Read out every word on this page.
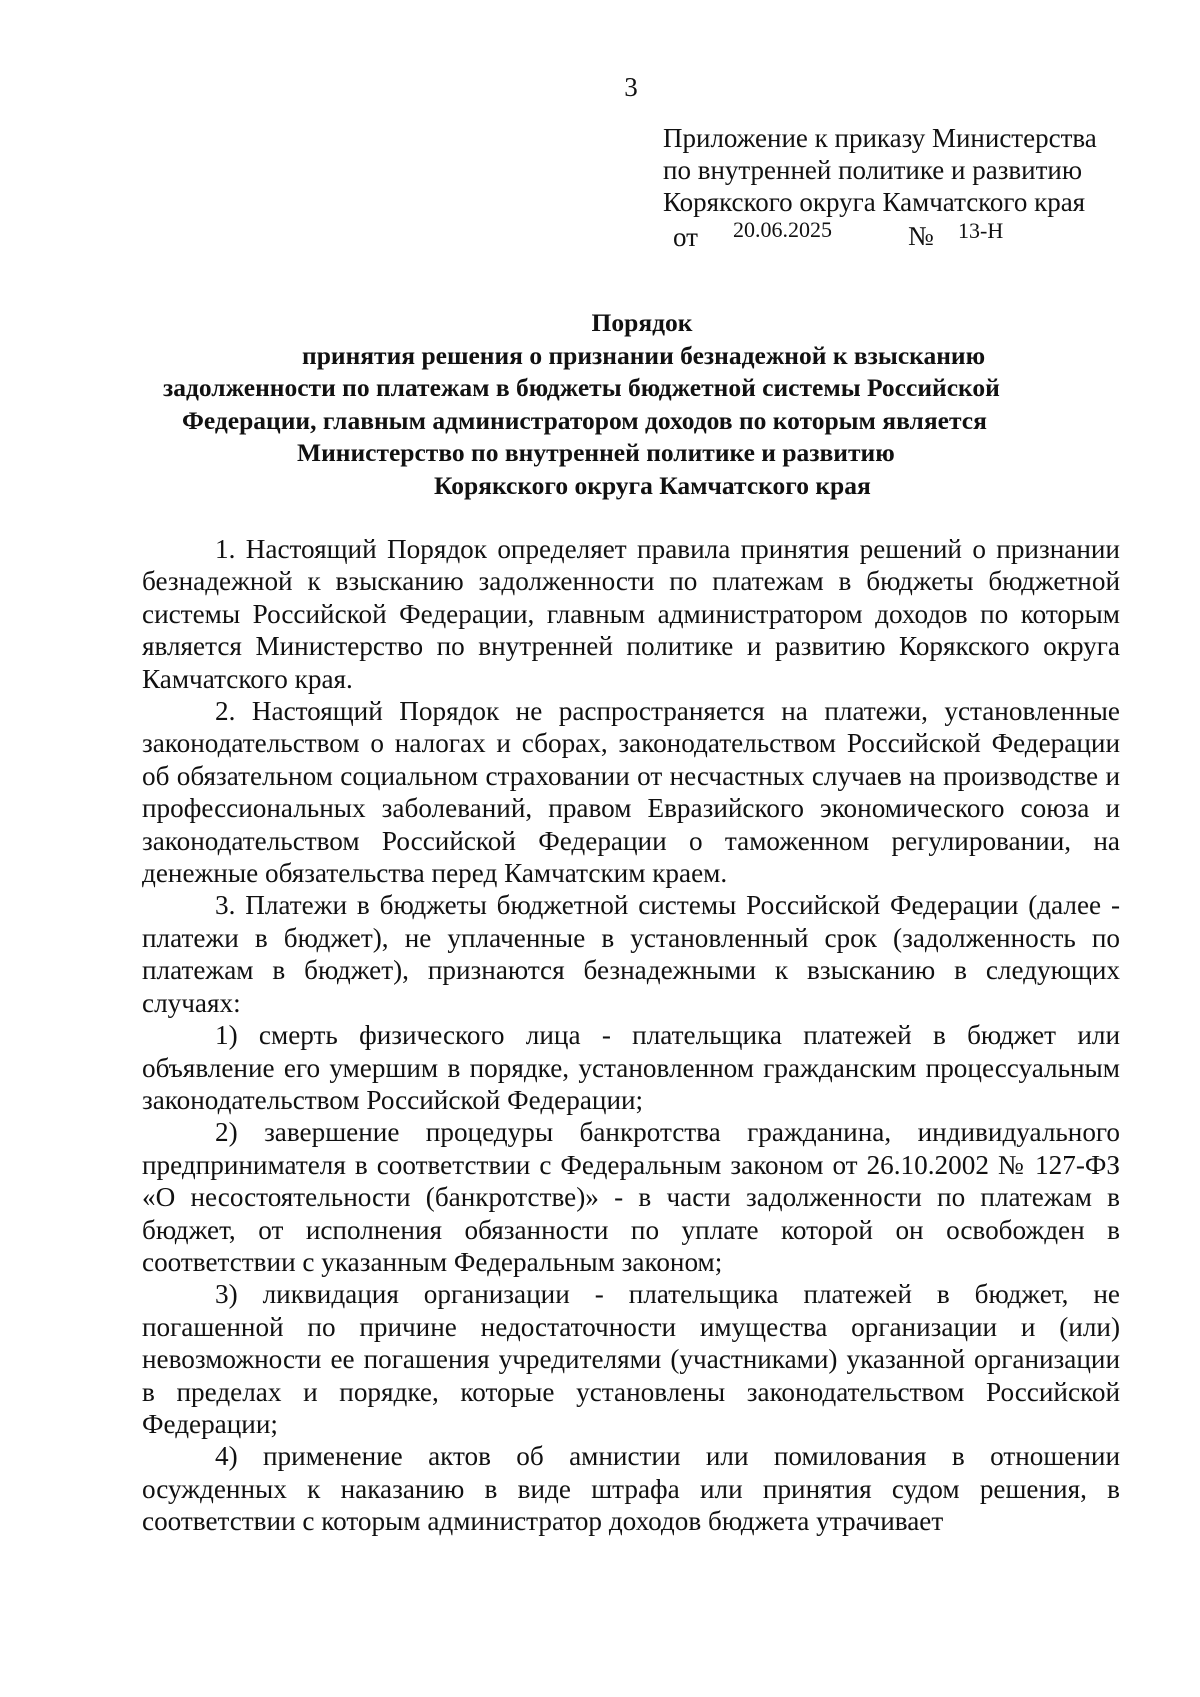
3
Приложение к приказу Министерства
по внутренней политике и развитию
Корякского округа Камчатского края
от 20.06.2025	№ 13-Н
Порядок
принятия решения о признании безнадежной к взысканию
задолженности по платежам в бюджеты бюджетной системы Российской
Федерации, главным администратором доходов по которым является
Министерство по внутренней политике и развитию
Корякского округа Камчатского края

1. Настоящий Порядок определяет правила принятия решений о признании безнадежной к взысканию задолженности по платежам в бюджеты бюджетной системы Российской Федерации, главным администратором доходов по которым является Министерство по внутренней политике и развитию Корякского округа Камчатского края.

2. Настоящий Порядок не распространяется на платежи, установленные законодательством о налогах и сборах, законодательством Российской Федерации об обязательном социальном страховании от несчастных случаев на производстве и профессиональных заболеваний, правом Евразийского экономического союза и законодательством Российской Федерации о таможенном регулировании, на денежные обязательства перед Камчатским краем.

3. Платежи в бюджеты бюджетной системы Российской Федерации (далее - платежи в бюджет), не уплаченные в установленный срок (задолженность по платежам в бюджет), признаются безнадежными к взысканию в следующих случаях:

1) смерть физического лица - плательщика платежей в бюджет или объявление его умершим в порядке, установленном гражданским процессуальным законодательством Российской Федерации;

2) завершение процедуры банкротства гражданина, индивидуального предпринимателя в соответствии с Федеральным законом от 26.10.2002 № 127-ФЗ «О несостоятельности (банкротстве)» - в части задолженности по платежам в бюджет, от исполнения обязанности по уплате которой он освобожден в соответствии с указанным Федеральным законом;

3) ликвидация организации - плательщика платежей в бюджет, не погашенной по причине недостаточности имущества организации и (или) невозможности ее погашения учредителями (участниками) указанной организации в пределах и порядке, которые установлены законодательством Российской Федерации;

4) применение актов об амнистии или помилования в отношении осужденных к наказанию в виде штрафа или принятия судом решения, в соответствии с которым администратор доходов бюджета утрачивает
